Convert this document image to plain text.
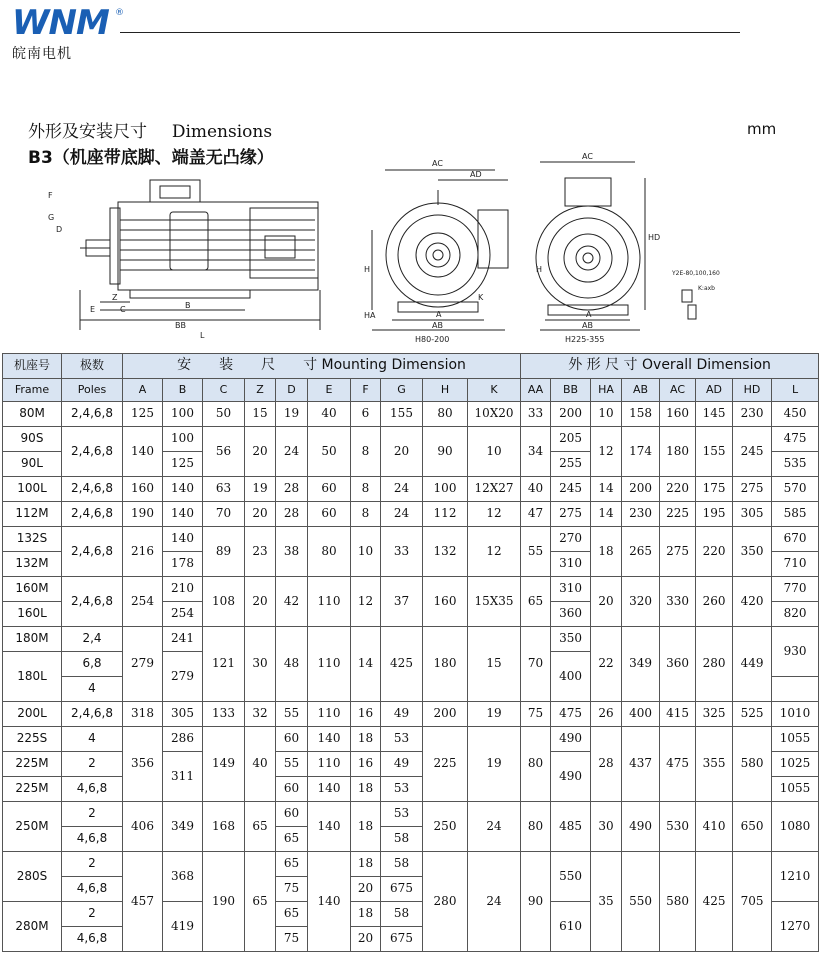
WNM ®
皖南电机
外形及安装尺寸 Dimensions	mm
B3（机座带底脚、端盖无凸缘）
F
G
D
E	C	B
BB
L
Z
AC
AD
H
HA	A
AB
K
H80-200
AC
HD
A
AB
H
H225-355
Y2E-80,100,160
K:axb
机座号	极数	安　　装　　尺　　寸 Mounting Dimension										外 形 尺 寸 Overall Dimension							
Frame	Poles	A	B	C	Z	D	E	F	G	H	K	AA	BB	HA	AB	AC	AD	HD	L
80M	2,4,6,8	125	100	50	15	19	40	6	155	80	10X20	33	200	10	158	160	145	230	450
90S	2,4,6,8	140	100	56	20	24	50	8	20	90	10	34	205	12	174	180	155	245	475
90L			125										255						535
100L	2,4,6,8	160	140	63	19	28	60	8	24	100	12X27	40	245	14	200	220	175	275	570
112M	2,4,6,8	190	140	70	20	28	60	8	24	112	12	47	275	14	230	225	195	305	585
132S	2,4,6,8	216	140	89	23	38	80	10	33	132	12	55	270	18	265	275	220	350	670
132M			178										310						710
160M	2,4,6,8	254	210	108	20	42	110	12	37	160	15X35	65	310	20	320	330	260	420	770
160L			254										360						820
180M	2,4	279	241	121	30	48	110	14	425	180	15	70	350	22	349	360	280	449	930
180L	6,8		279										400						
	4																		
200L	2,4,6,8	318	305	133	32	55	110	16	49	200	19	75	475	26	400	415	325	525	1010
225S	4	356	286	149	40	60	140	18	53	225	19	80	490	28	437	475	355	580	1055
225M	2		311			55	110	16	49				490						1025
225M	4,6,8					60	140	18	53										1055
250M	2	406	349	168	65	60	140	18	53	250	24	80	485	30	490	530	410	650	1080
	4,6,8					65			58										
280S	2	457	368	190	65	65	140	18	58	280	24	90	550	35	550	580	425	705	1210
	4,6,8					75		20	675										
280M	2		419			65		18	58				610						1270
	4,6,8					75		20	675										
